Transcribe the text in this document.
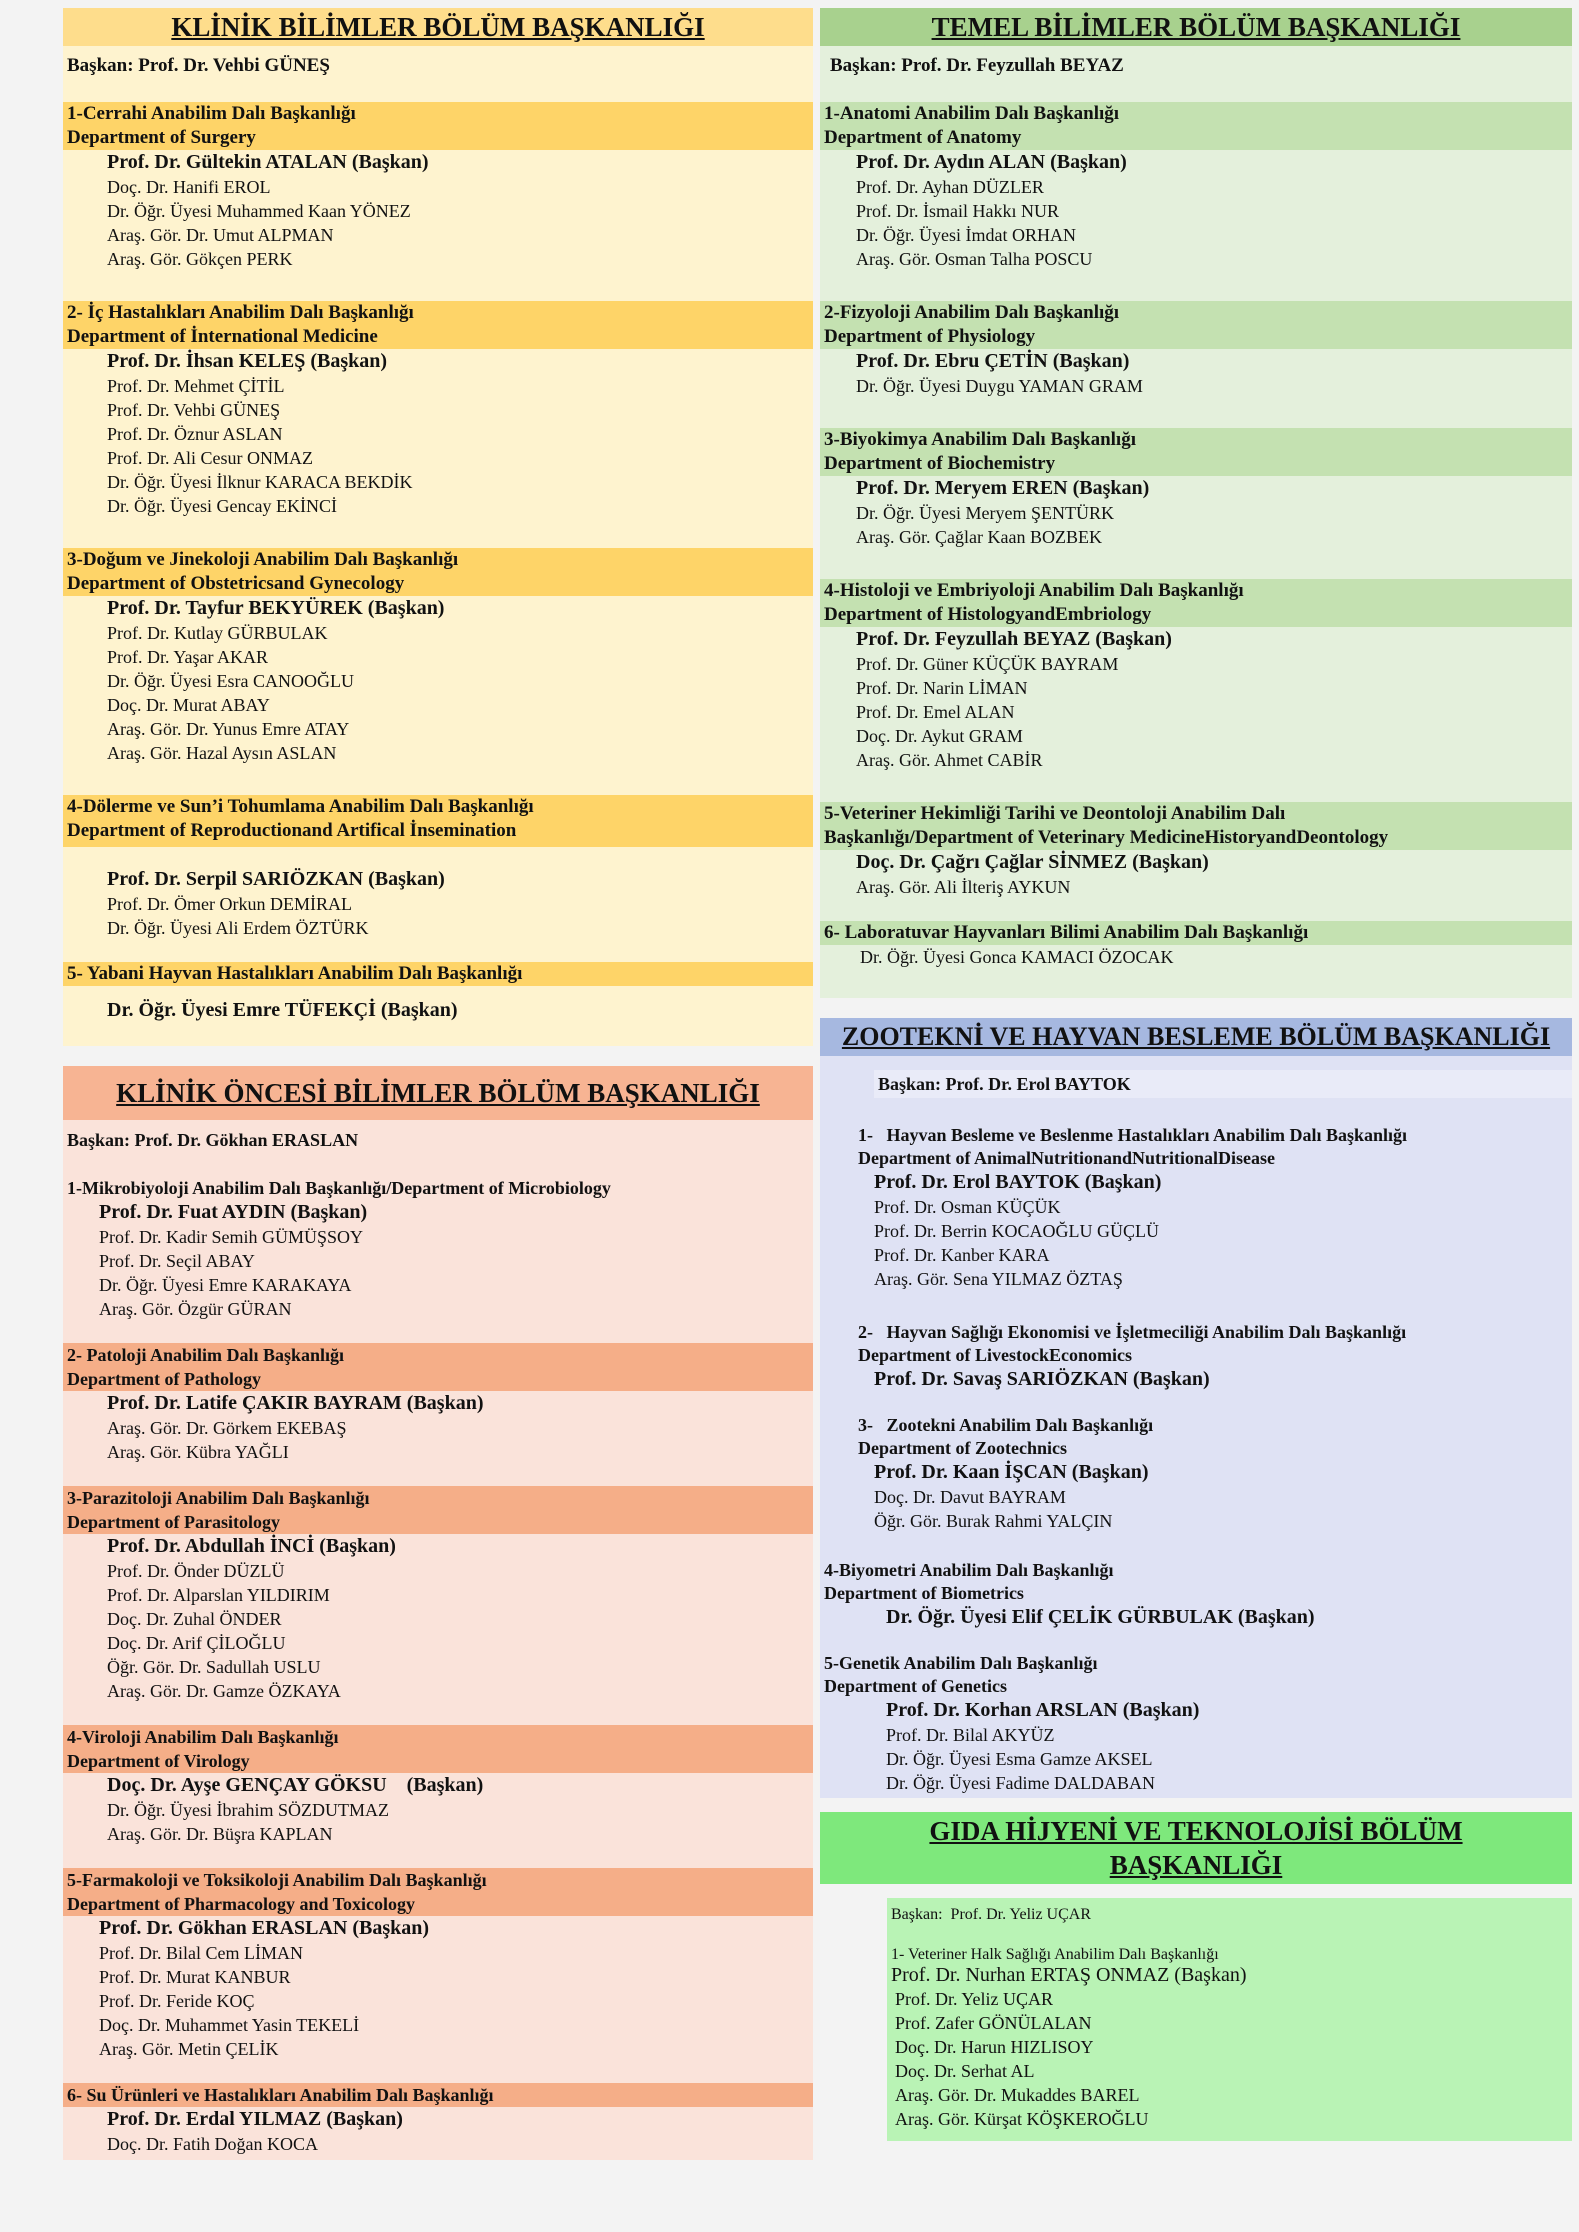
KLİNİK BİLİMLER BÖLÜM BAŞKANLIĞI
Başkan: Prof. Dr. Vehbi GÜNEŞ
1-Cerrahi Anabilim Dalı Başkanlığı
Department of Surgery
Prof. Dr. Gültekin ATALAN (Başkan)
Doç. Dr. Hanifi EROL
Dr. Öğr. Üyesi Muhammed Kaan YÖNEZ
Araş. Gör. Dr. Umut ALPMAN
Araş. Gör. Gökçen PERK
2- İç Hastalıkları Anabilim Dalı Başkanlığı
Department of İnternational Medicine
Prof. Dr. İhsan KELEŞ (Başkan)
Prof. Dr. Mehmet ÇİTİL
Prof. Dr. Vehbi GÜNEŞ
Prof. Dr. Öznur ASLAN
Prof. Dr. Ali Cesur ONMAZ
Dr. Öğr. Üyesi İlknur KARACA BEKDİK
Dr. Öğr. Üyesi Gencay EKİNCİ
3-Doğum ve Jinekoloji Anabilim Dalı Başkanlığı
Department of Obstetricsand Gynecology
Prof. Dr. Tayfur BEKYÜREK (Başkan)
Prof. Dr. Kutlay GÜRBULAK
Prof. Dr. Yaşar AKAR
Dr. Öğr. Üyesi Esra CANOOĞLU
Doç. Dr. Murat ABAY
Araş. Gör. Dr. Yunus Emre ATAY
Araş. Gör. Hazal Aysın ASLAN
4-Dölerme ve Sun’i Tohumlama Anabilim Dalı Başkanlığı
Department of Reproductionand Artifical İnsemination
Prof. Dr. Serpil SARIÖZKAN (Başkan)
Prof. Dr. Ömer Orkun DEMİRAL
Dr. Öğr. Üyesi Ali Erdem ÖZTÜRK
5- Yabani Hayvan Hastalıkları Anabilim Dalı Başkanlığı
Dr. Öğr. Üyesi Emre TÜFEKÇİ (Başkan)
KLİNİK ÖNCESİ BİLİMLER BÖLÜM BAŞKANLIĞI
Başkan: Prof. Dr. Gökhan ERASLAN
1-Mikrobiyoloji Anabilim Dalı Başkanlığı/Department of Microbiology
Prof. Dr. Fuat AYDIN (Başkan)
Prof. Dr. Kadir Semih GÜMÜŞSOY
Prof. Dr. Seçil ABAY
Dr. Öğr. Üyesi Emre KARAKAYA
Araş. Gör. Özgür GÜRAN
2- Patoloji Anabilim Dalı Başkanlığı
Department of Pathology
Prof. Dr. Latife ÇAKIR BAYRAM (Başkan)
Araş. Gör. Dr. Görkem EKEBAŞ
Araş. Gör. Kübra YAĞLI
3-Parazitoloji Anabilim Dalı Başkanlığı
Department of Parasitology
Prof. Dr. Abdullah İNCİ (Başkan)
Prof. Dr. Önder DÜZLÜ
Prof. Dr. Alparslan YILDIRIM
Doç. Dr. Zuhal ÖNDER
Doç. Dr. Arif ÇİLOĞLU
Öğr. Gör. Dr. Sadullah USLU
Araş. Gör. Dr. Gamze ÖZKAYA
4-Viroloji Anabilim Dalı Başkanlığı
Department of Virology
Doç. Dr. Ayşe GENÇAY GÖKSU    (Başkan)
Dr. Öğr. Üyesi İbrahim SÖZDUTMAZ
Araş. Gör. Dr. Büşra KAPLAN
5-Farmakoloji ve Toksikoloji Anabilim Dalı Başkanlığı
Department of Pharmacology and Toxicology
Prof. Dr. Gökhan ERASLAN (Başkan)
Prof. Dr. Bilal Cem LİMAN
Prof. Dr. Murat KANBUR
Prof. Dr. Feride KOÇ
Doç. Dr. Muhammet Yasin TEKELİ
Araş. Gör. Metin ÇELİK
6- Su Ürünleri ve Hastalıkları Anabilim Dalı Başkanlığı
Prof. Dr. Erdal YILMAZ (Başkan)
Doç. Dr. Fatih Doğan KOCA
TEMEL BİLİMLER BÖLÜM BAŞKANLIĞI
Başkan: Prof. Dr. Feyzullah BEYAZ
1-Anatomi Anabilim Dalı Başkanlığı
Department of Anatomy
Prof. Dr. Aydın ALAN (Başkan)
Prof. Dr. Ayhan DÜZLER
Prof. Dr. İsmail Hakkı NUR
Dr. Öğr. Üyesi İmdat ORHAN
Araş. Gör. Osman Talha POSCU
2-Fizyoloji Anabilim Dalı Başkanlığı
Department of Physiology
Prof. Dr. Ebru ÇETİN (Başkan)
Dr. Öğr. Üyesi Duygu YAMAN GRAM
3-Biyokimya Anabilim Dalı Başkanlığı
Department of Biochemistry
Prof. Dr. Meryem EREN (Başkan)
Dr. Öğr. Üyesi Meryem ŞENTÜRK
Araş. Gör. Çağlar Kaan BOZBEK
4-Histoloji ve Embriyoloji Anabilim Dalı Başkanlığı
Department of HistologyandEmbriology
Prof. Dr. Feyzullah BEYAZ (Başkan)
Prof. Dr. Güner KÜÇÜK BAYRAM
Prof. Dr. Narin LİMAN
Prof. Dr. Emel ALAN
Doç. Dr. Aykut GRAM
Araş. Gör. Ahmet CABİR
5-Veteriner Hekimliği Tarihi ve Deontoloji Anabilim Dalı
Başkanlığı/Department of Veterinary MedicineHistoryandDeontology
Doç. Dr. Çağrı Çağlar SİNMEZ (Başkan)
Araş. Gör. Ali İlteriş AYKUN
6- Laboratuvar Hayvanları Bilimi Anabilim Dalı Başkanlığı
Dr. Öğr. Üyesi Gonca KAMACI ÖZOCAK
ZOOTEKNİ VE HAYVAN BESLEME BÖLÜM BAŞKANLIĞI
Başkan: Prof. Dr. Erol BAYTOK
1-   Hayvan Besleme ve Beslenme Hastalıkları Anabilim Dalı Başkanlığı
Department of AnimalNutritionandNutritionalDisease
Prof. Dr. Erol BAYTOK (Başkan)
Prof. Dr. Osman KÜÇÜK
Prof. Dr. Berrin KOCAOĞLU GÜÇLÜ
Prof. Dr. Kanber KARA
Araş. Gör. Sena YILMAZ ÖZTAŞ
2-   Hayvan Sağlığı Ekonomisi ve İşletmeciliği Anabilim Dalı Başkanlığı
Department of LivestockEconomics
Prof. Dr. Savaş SARIÖZKAN (Başkan)
3-   Zootekni Anabilim Dalı Başkanlığı
Department of Zootechnics
Prof. Dr. Kaan İŞCAN (Başkan)
Doç. Dr. Davut BAYRAM
Öğr. Gör. Burak Rahmi YALÇIN
4-Biyometri Anabilim Dalı Başkanlığı
Department of Biometrics
Dr. Öğr. Üyesi Elif ÇELİK GÜRBULAK (Başkan)
5-Genetik Anabilim Dalı Başkanlığı
Department of Genetics
Prof. Dr. Korhan ARSLAN (Başkan)
Prof. Dr. Bilal AKYÜZ
Dr. Öğr. Üyesi Esma Gamze AKSEL
Dr. Öğr. Üyesi Fadime DALDABAN
GIDA HİJYENİ VE TEKNOLOJİSİ BÖLÜM
BAŞKANLIĞI
Başkan:  Prof. Dr. Yeliz UÇAR
1- Veteriner Halk Sağlığı Anabilim Dalı Başkanlığı
Prof. Dr. Nurhan ERTAŞ ONMAZ (Başkan)
Prof. Dr. Yeliz UÇAR
Prof. Zafer GÖNÜLALAN
Doç. Dr. Harun HIZLISOY
Doç. Dr. Serhat AL
Araş. Gör. Dr. Mukaddes BAREL
Araş. Gör. Kürşat KÖŞKEROĞLU
